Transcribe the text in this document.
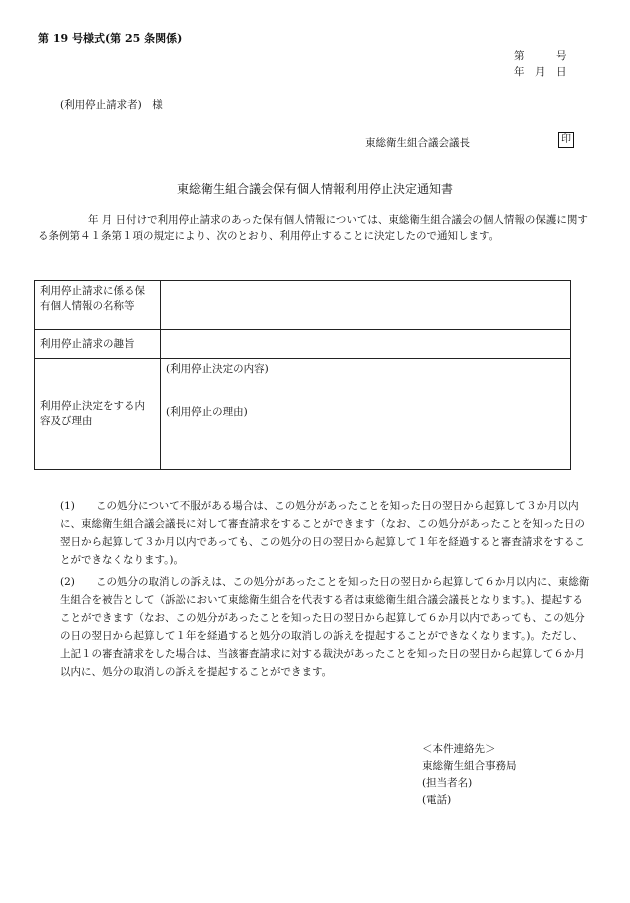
第 19 号様式(第 25 条関係)
第　　　号
年　月　日
(利用停止請求者)　様
東総衛生組合議会議長	印
東総衛生組合議会保有個人情報利用停止決定通知書
年 月 日付けで利用停止請求のあった保有個人情報については、東総衛生組合議会の個人情報の保護に関する条例第４１条第１項の規定により、次のとおり、利用停止することに決定したので通知します。
利用停止請求に係る保有個人情報の名称等	
利用停止請求の趣旨	
利用停止決定をする内容及び理由	(利用停止決定の内容)
(利用停止の理由)
(1) この処分について不服がある場合は、この処分があったことを知った日の翌日から起算して３か月以内に、東総衛生組合議会議長に対して審査請求をすることができます（なお、この処分があったことを知った日の翌日から起算して３か月以内であっても、この処分の日の翌日から起算して１年を経過すると審査請求をすることができなくなります。)。
(2) この処分の取消しの訴えは、この処分があったことを知った日の翌日から起算して６か月以内に、東総衛生組合を被告として（訴訟において東総衛生組合を代表する者は東総衛生組合議会議長となります。)、提起することができます（なお、この処分があったことを知った日の翌日から起算して６か月以内であっても、この処分の日の翌日から起算して１年を経過すると処分の取消しの訴えを提起することができなくなります。)。ただし、上記１の審査請求をした場合は、当該審査請求に対する裁決があったことを知った日の翌日から起算して６か月以内に、処分の取消しの訴えを提起することができます。
＜本件連絡先＞
東総衛生組合事務局
(担当者名)
(電話)
